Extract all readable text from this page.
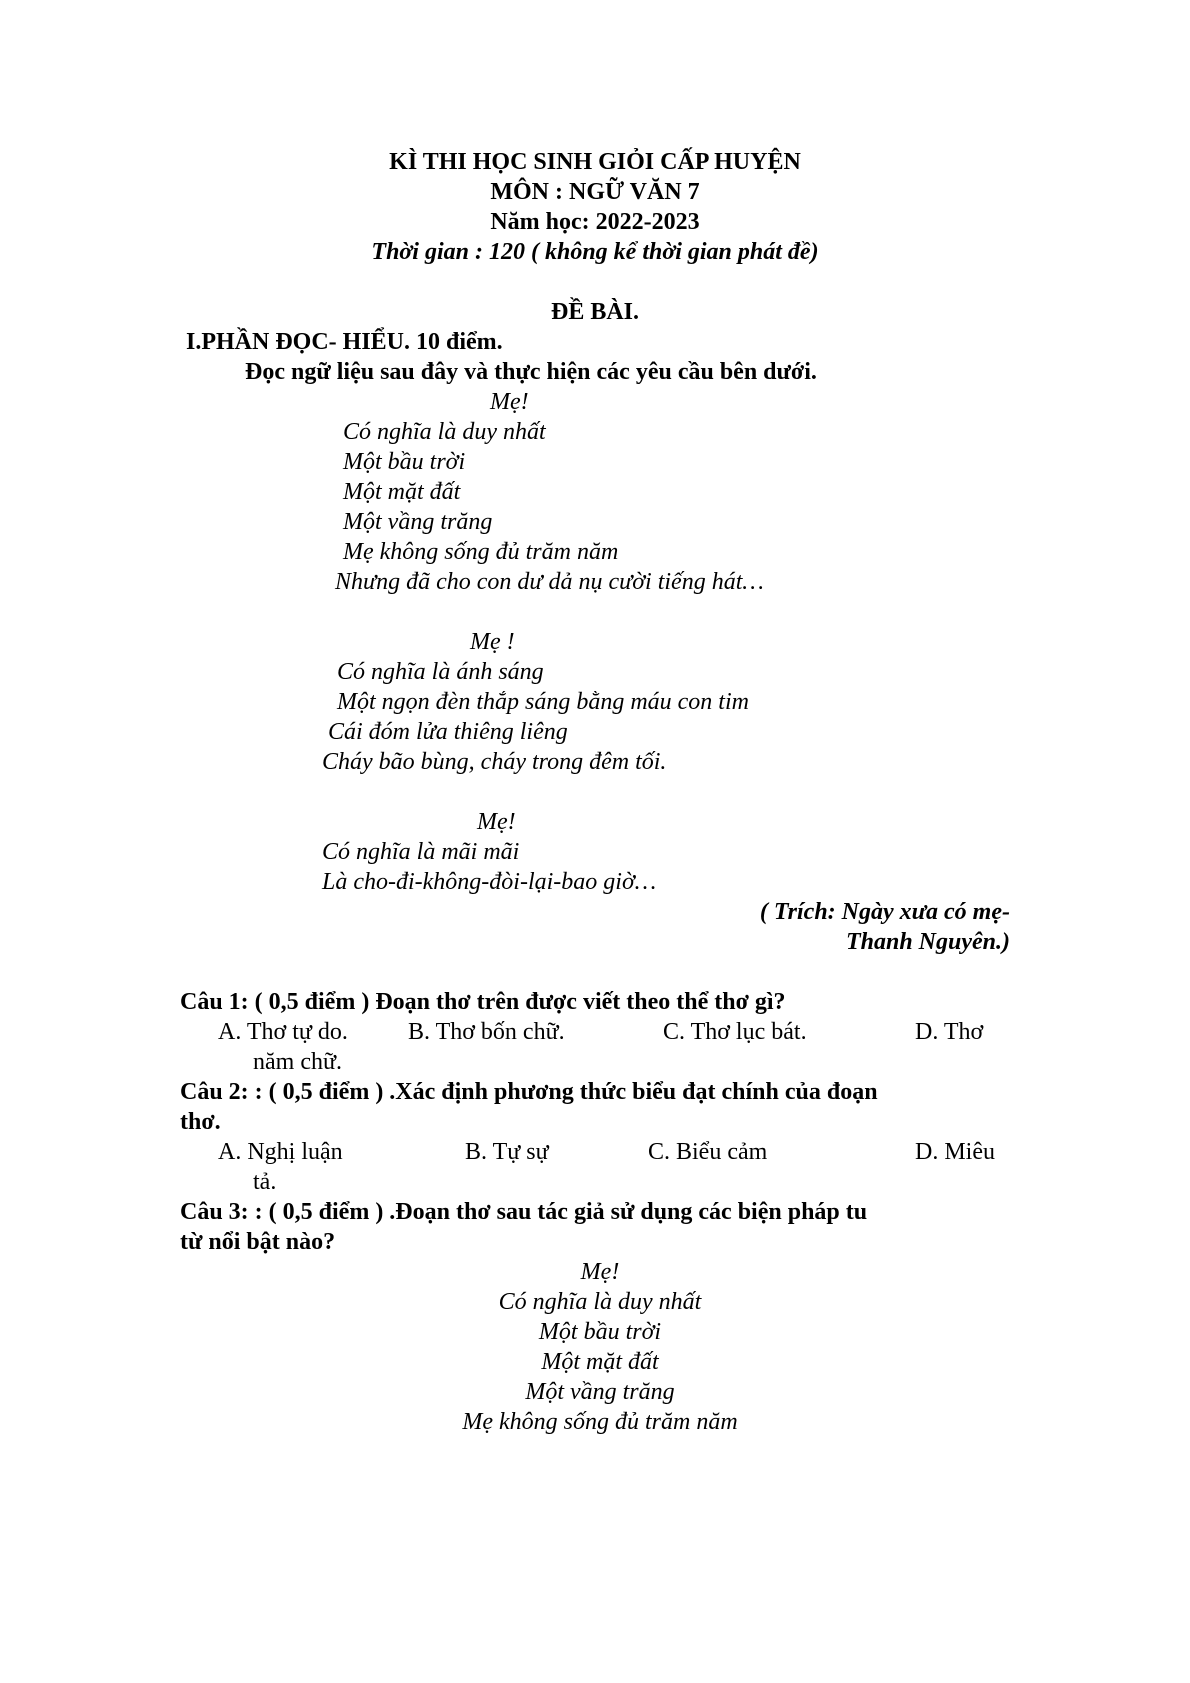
KÌ THI HỌC SINH GIỎI CẤP HUYỆN
MÔN : NGỮ VĂN 7
Năm học: 2022-2023
Thời gian : 120 ( không kể thời gian phát đề)
ĐỀ BÀI.
I.PHẦN ĐỌC- HIỂU. 10 điểm.
Đọc ngữ liệu sau đây và thực hiện các yêu cầu bên dưới.
Mẹ!
Có nghĩa là duy nhất
Một bầu trời
Một mặt đất
Một vầng trăng
Mẹ không sống đủ trăm năm
Nhưng đã cho con dư dả nụ cười tiếng hát…
Mẹ !
Có nghĩa là ánh sáng
Một ngọn đèn thắp sáng bằng máu con tim
Cái đóm lửa thiêng liêng
Cháy bão bùng, cháy trong đêm tối.
Mẹ!
Có nghĩa là mãi mãi
Là cho-đi-không-đòi-lại-bao giờ…
( Trích: Ngày xưa có mẹ-
Thanh Nguyên.)
Câu 1: ( 0,5 điểm ) Đoạn thơ trên được viết theo thể thơ gì?
A. Thơ tự do.	B. Thơ bốn chữ.	C. Thơ lục bát.	D. Thơ
năm chữ.
Câu 2: : ( 0,5 điểm ) .Xác định phương thức biểu đạt chính của đoạn
thơ.
A. Nghị luận	B. Tự sự	C. Biểu cảm	D. Miêu
tả.
Câu 3: : ( 0,5 điểm ) .Đoạn thơ sau tác giả sử dụng các biện pháp tu
từ nổi bật nào?
Mẹ!
Có nghĩa là duy nhất
Một bầu trời
Một mặt đất
Một vầng trăng
Mẹ không sống đủ trăm năm
